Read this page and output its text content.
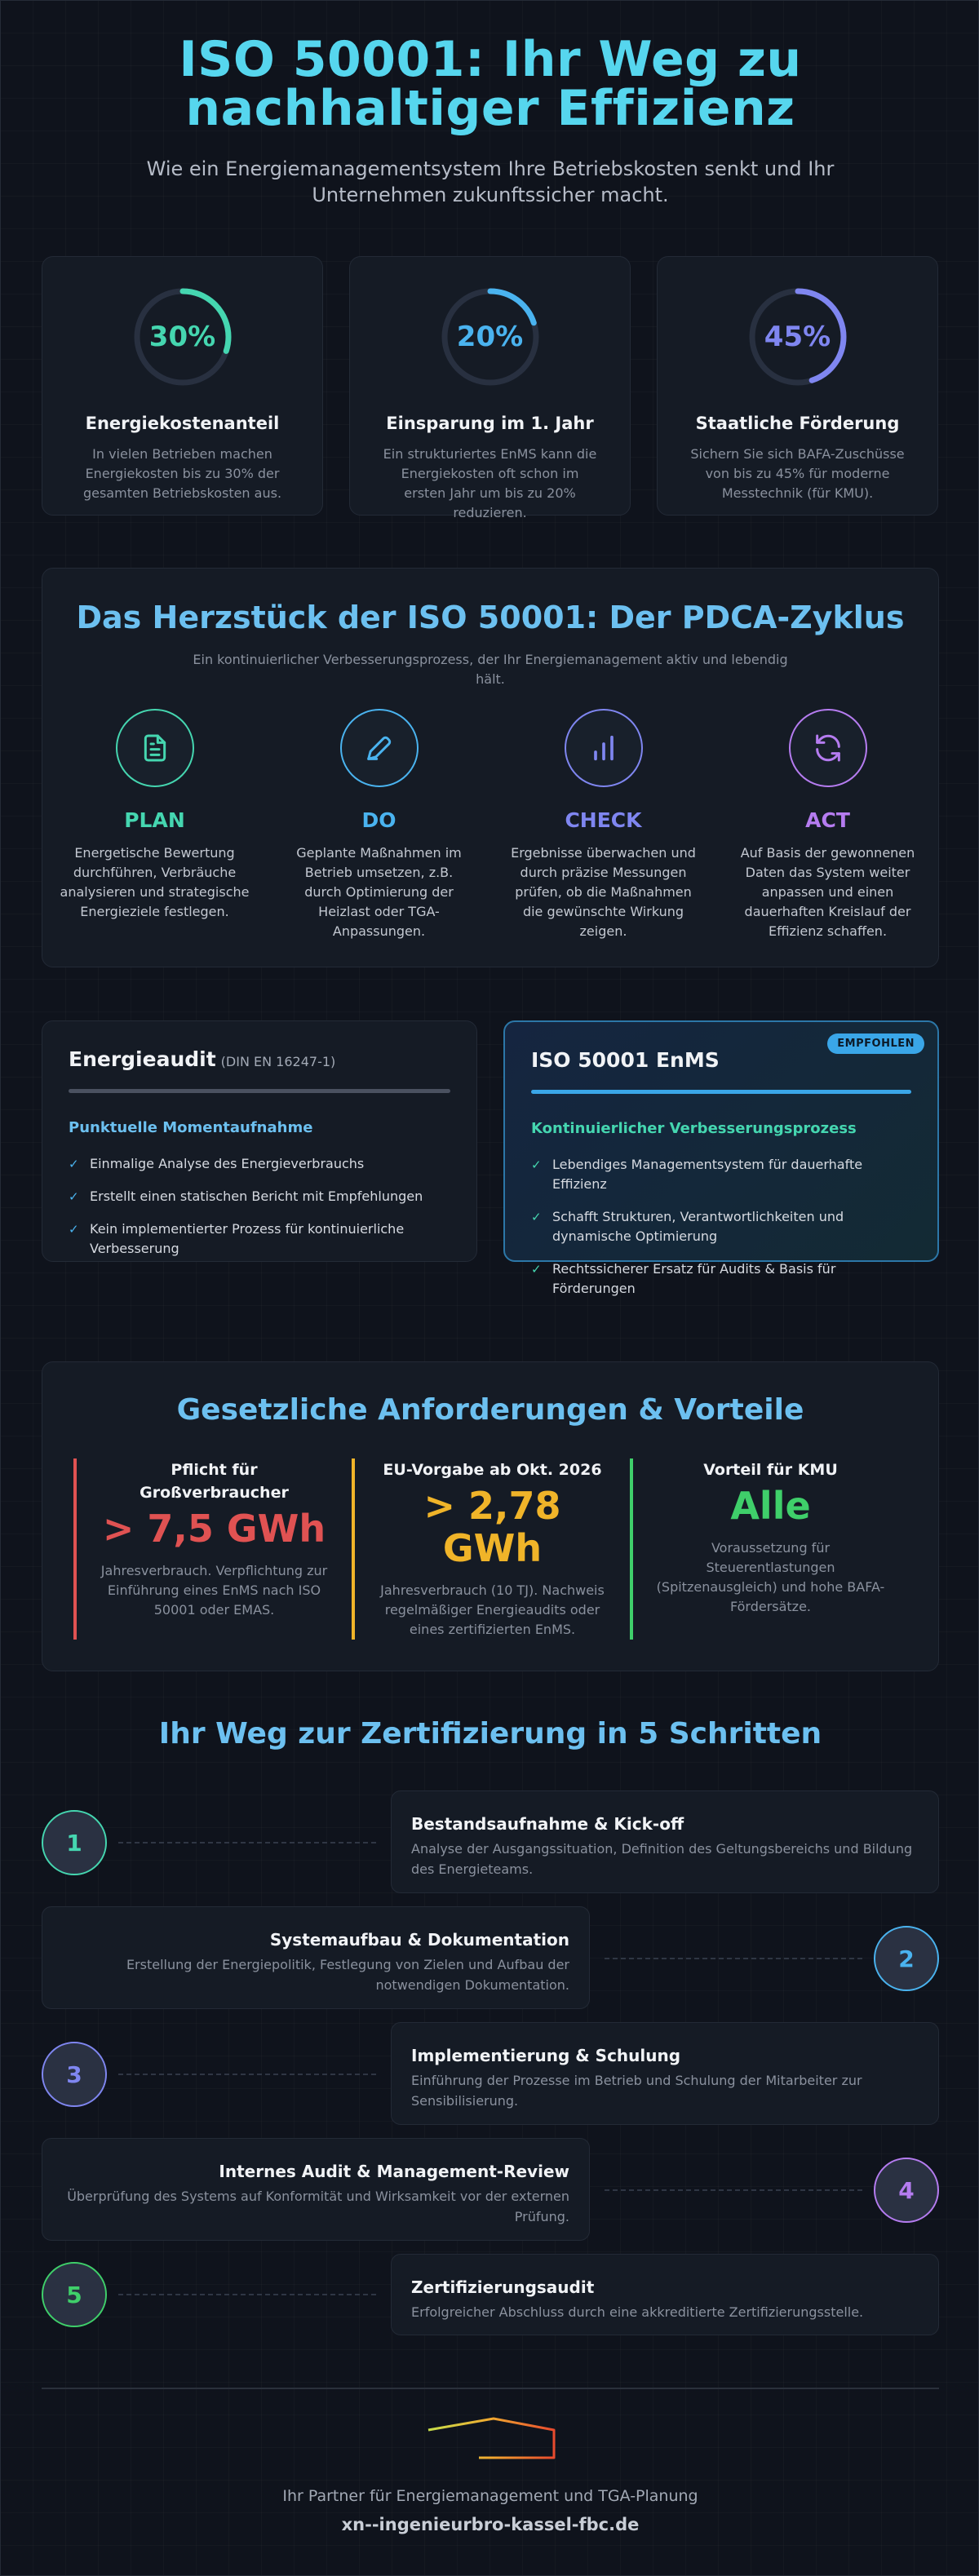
ISO 50001: Ihr Weg zu
nachhaltiger Effizienz

Wie ein Energiemanagementsystem Ihre Betriebskosten senkt und Ihr Unternehmen zukunftssicher macht.

30%
Energiekostenanteil

In vielen Betrieben machen Energiekosten bis zu 30% der gesamten Betriebskosten aus.

20%
Einsparung im 1. Jahr

Ein strukturiertes EnMS kann die Energiekosten oft schon im ersten Jahr um bis zu 20% reduzieren.

45%
Staatliche Förderung

Sichern Sie sich BAFA-Zuschüsse von bis zu 45% für moderne Messtechnik (für KMU).

Das Herzstück der ISO 50001: Der PDCA-Zyklus

Ein kontinuierlicher Verbesserungsprozess, der Ihr Energiemanagement aktiv und lebendig hält.

PLAN

Energetische Bewertung durchführen, Verbräuche analysieren und strategische Energieziele festlegen.

DO

Geplante Maßnahmen im Betrieb umsetzen, z.B. durch Optimierung der Heizlast oder TGA-Anpassungen.

CHECK

Ergebnisse überwachen und durch präzise Messungen prüfen, ob die Maßnahmen die gewünschte Wirkung zeigen.

ACT

Auf Basis der gewonnenen Daten das System weiter anpassen und einen dauerhaften Kreislauf der Effizienz schaffen.

Energieaudit (DIN EN 16247-1)
Punktuelle Momentaufnahme
✓ Einmalige Analyse des Energieverbrauchs
✓ Erstellt einen statischen Bericht mit Empfehlungen
✓ Kein implementierter Prozess für kontinuierliche Verbesserung
EMPFOHLEN
ISO 50001 EnMS
Kontinuierlicher Verbesserungsprozess
✓ Lebendiges Managementsystem für dauerhafte Effizienz
✓ Schafft Strukturen, Verantwortlichkeiten und dynamische Optimierung
✓ Rechtssicherer Ersatz für Audits & Basis für Förderungen
Gesetzliche Anforderungen & Vorteile
Pflicht für Großverbraucher
> 7,5 GWh

Jahresverbrauch. Verpflichtung zur Einführung eines EnMS nach ISO 50001 oder EMAS.

EU-Vorgabe ab Okt. 2026
> 2,78 GWh

Jahresverbrauch (10 TJ). Nachweis regelmäßiger Energieaudits oder eines zertifizierten EnMS.

Vorteil für KMU
Alle

Voraussetzung für Steuerentlastungen (Spitzenausgleich) und hohe BAFA-Fördersätze.

Ihr Weg zur Zertifizierung in 5 Schritten
1
Bestandsaufnahme & Kick-off

Analyse der Ausgangssituation, Definition des Geltungsbereichs und Bildung des Energieteams.

Systemaufbau & Dokumentation

Erstellung der Energiepolitik, Festlegung von Zielen und Aufbau der notwendigen Dokumentation.

2
3
Implementierung & Schulung

Einführung der Prozesse im Betrieb und Schulung der Mitarbeiter zur Sensibilisierung.

Internes Audit & Management-Review

Überprüfung des Systems auf Konformität und Wirksamkeit vor der externen Prüfung.

4
5	Zertifizierungsaudit

Erfolgreicher Abschluss durch eine akkreditierte Zertifizierungsstelle.

Ihr Partner für Energiemanagement und TGA-Planung
xn--ingenieurbro-kassel-fbc.de
